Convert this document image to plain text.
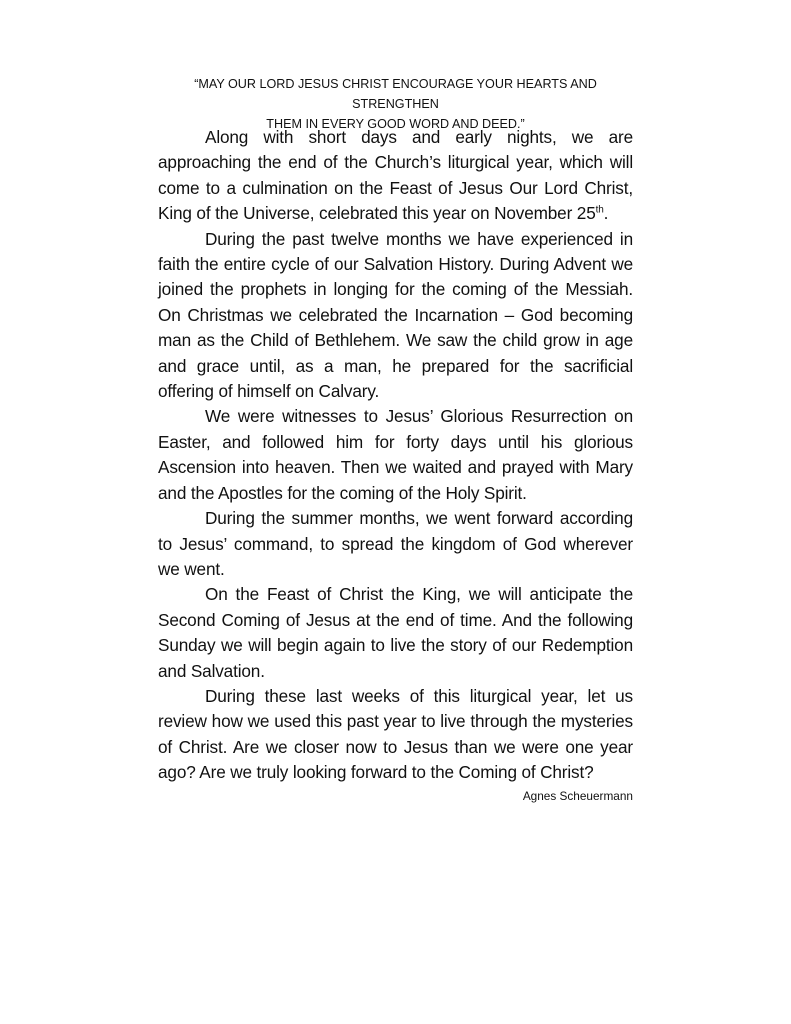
“MAY OUR LORD JESUS CHRIST ENCOURAGE YOUR HEARTS AND STRENGTHEN
THEM IN EVERY GOOD WORD AND DEED.”

Along with short days and early nights, we are approaching the end of the Church’s liturgical year, which will come to a culmination on the Feast of Jesus Our Lord Christ, King of the Universe, celebrated this year on November 25th.

During the past twelve months we have experienced in faith the entire cycle of our Salvation History. During Advent we joined the prophets in longing for the coming of the Messiah. On Christmas we celebrated the Incarnation – God becoming man as the Child of Bethlehem. We saw the child grow in age and grace until, as a man, he prepared for the sacrificial offering of himself on Calvary.

We were witnesses to Jesus’ Glorious Resurrection on Easter, and followed him for forty days until his glorious Ascension into heaven. Then we waited and prayed with Mary and the Apostles for the coming of the Holy Spirit.

During the summer months, we went forward according to Jesus’ command, to spread the kingdom of God wherever we went.

On the Feast of Christ the King, we will anticipate the Second Coming of Jesus at the end of time. And the following Sunday we will begin again to live the story of our Redemption and Salvation.

During these last weeks of this liturgical year, let us review how we used this past year to live through the mysteries of Christ. Are we closer now to Jesus than we were one year ago? Are we truly looking forward to the Coming of Christ?

Agnes Scheuermann
